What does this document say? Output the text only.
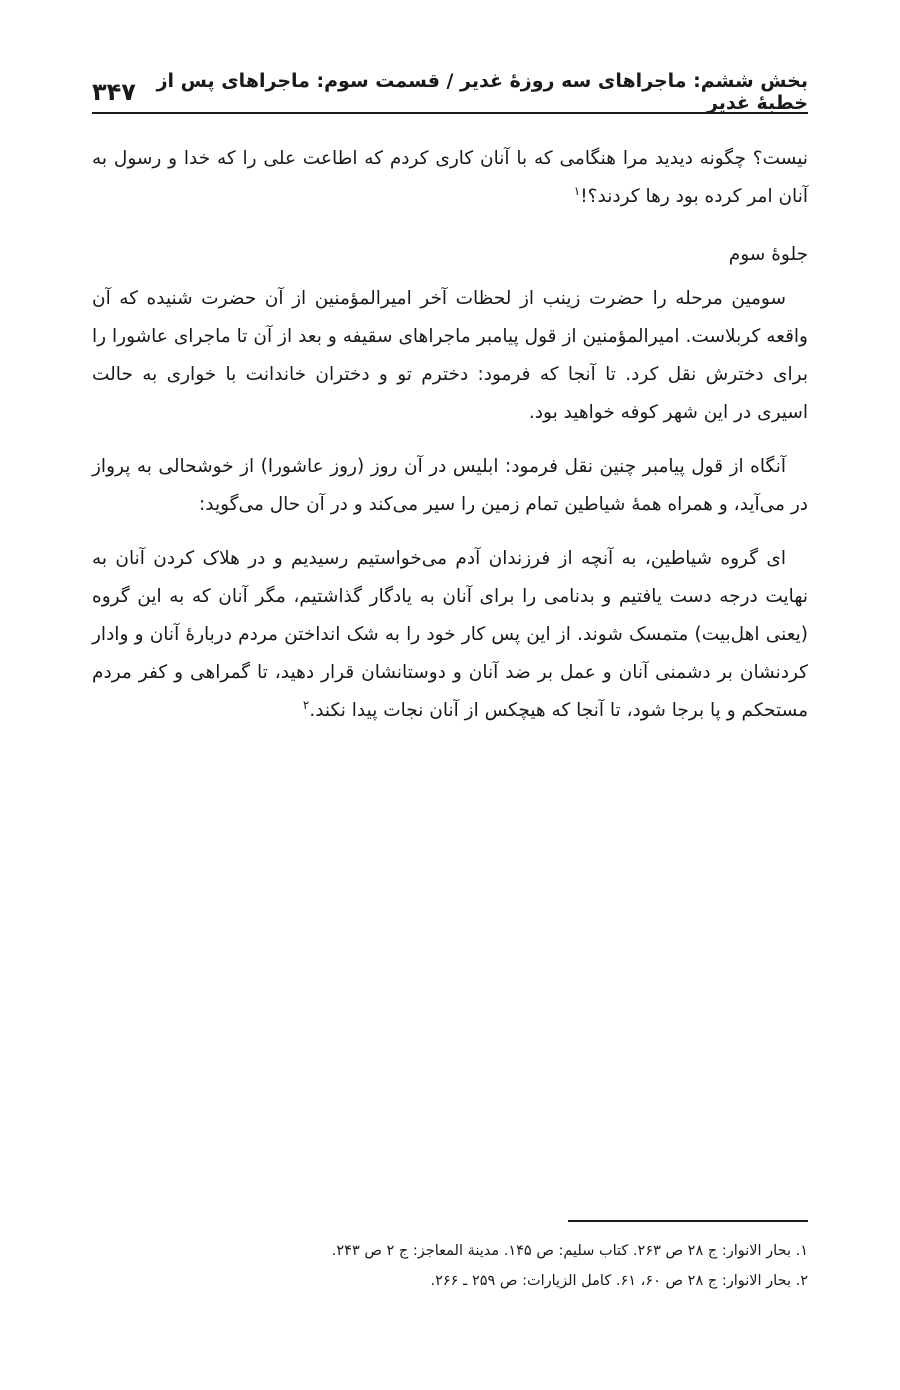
بخش ششم: ماجراهای سه روزهٔ غدیر / قسمت سوم: ماجراهای پس از خطبهٔ غدیر
۳۴۷

نیست؟ چگونه دیدید مرا هنگامی که با آنان کاری کردم که اطاعت علی را که خدا و رسول به آنان امر کرده بود رها کردند؟!$^۱$

جلوهٔ سوم

سومین مرحله را حضرت زینب از لحظات آخر امیرالمؤمنین از آن حضرت شنیده که آن واقعه کربلاست. امیرالمؤمنین از قول پیامبر ماجراهای سقیفه و بعد از آن تا ماجرای عاشورا را برای دخترش نقل کرد. تا آنجا که فرمود: دخترم تو و دختران خاندانت با خواری به حالت اسیری در این شهر کوفه خواهید بود.

آنگاه از قول پیامبر چنین نقل فرمود: ابلیس در آن روز (روز عاشورا) از خوشحالی به پرواز در می‌آید، و همراه همهٔ شیاطین تمام زمین را سیر می‌کند و در آن حال می‌گوید:

ای گروه شیاطین، به آنچه از فرزندان آدم می‌خواستیم رسیدیم و در هلاک کردن آنان به نهایت درجه دست یافتیم و بدنامی را برای آنان به یادگار گذاشتیم، مگر آنان که به این گروه (یعنی اهل‌بیت) متمسک شوند. از این پس کار خود را به شک انداختن مردم دربارهٔ آنان و وادار کردنشان بر دشمنی آنان و عمل بر ضد آنان و دوستانشان قرار دهید، تا گمراهی و کفر مردم مستحکم و پا برجا شود، تا آنجا که هیچکس از آنان نجات پیدا نکند.$^۲$

۱. بحار الانوار: ج ۲۸ ص ۲۶۳. کتاب سلیم: ص ۱۴۵. مدینة المعاجز: ج ۲ ص ۲۴۳.
۲. بحار الانوار: ج ۲۸ ص ۶۰، ۶۱. کامل الزیارات: ص ۲۵۹ ـ ۲۶۶.
